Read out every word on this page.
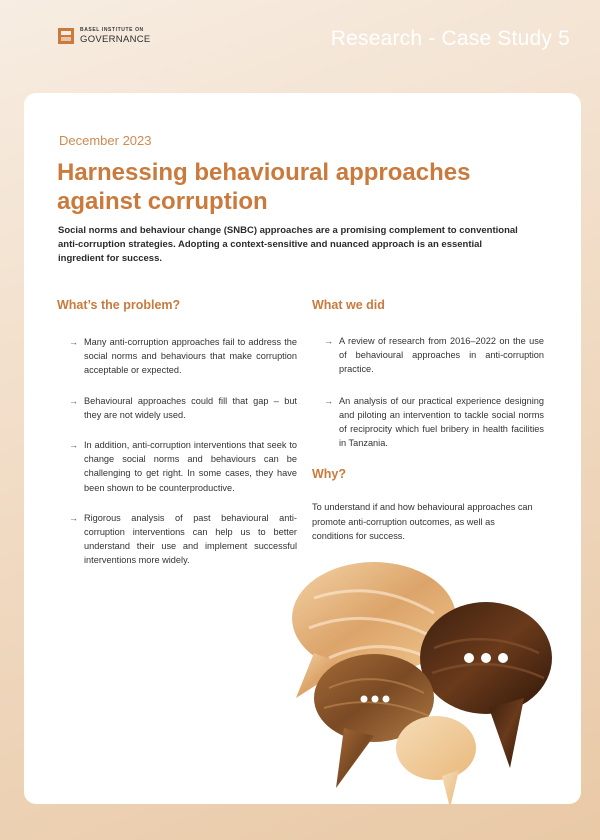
BASEL INSTITUTE ON
GOVERNANCE	Research - Case Study 5
December 2023
Harnessing behavioural approaches against corruption

Social norms and behaviour change (SNBC) approaches are a promising complement to conventional anti-corruption strategies. Adopting a context-sensitive and nuanced approach is an essential ingredient for success.

What’s the problem?
→ Many anti-corruption approaches fail to address the social norms and behaviours that make corruption acceptable or expected.
→ Behavioural approaches could fill that gap – but they are not widely used.
→ In addition, anti-corruption interventions that seek to change social norms and behaviours can be challenging to get right. In some cases, they have been shown to be counterproductive.
→ Rigorous analysis of past behavioural anti-corruption interventions can help us to better understand their use and implement successful interventions more widely.
What we did
→ A review of research from 2016–2022 on the use of behavioural approaches in anti-corruption practice.
→ An analysis of our practical experience designing and piloting an intervention to tackle social norms of reciprocity which fuel bribery in health facilities in Tanzania.
Why?

To understand if and how behavioural approaches can promote anti-corruption outcomes, as well as conditions for success.
